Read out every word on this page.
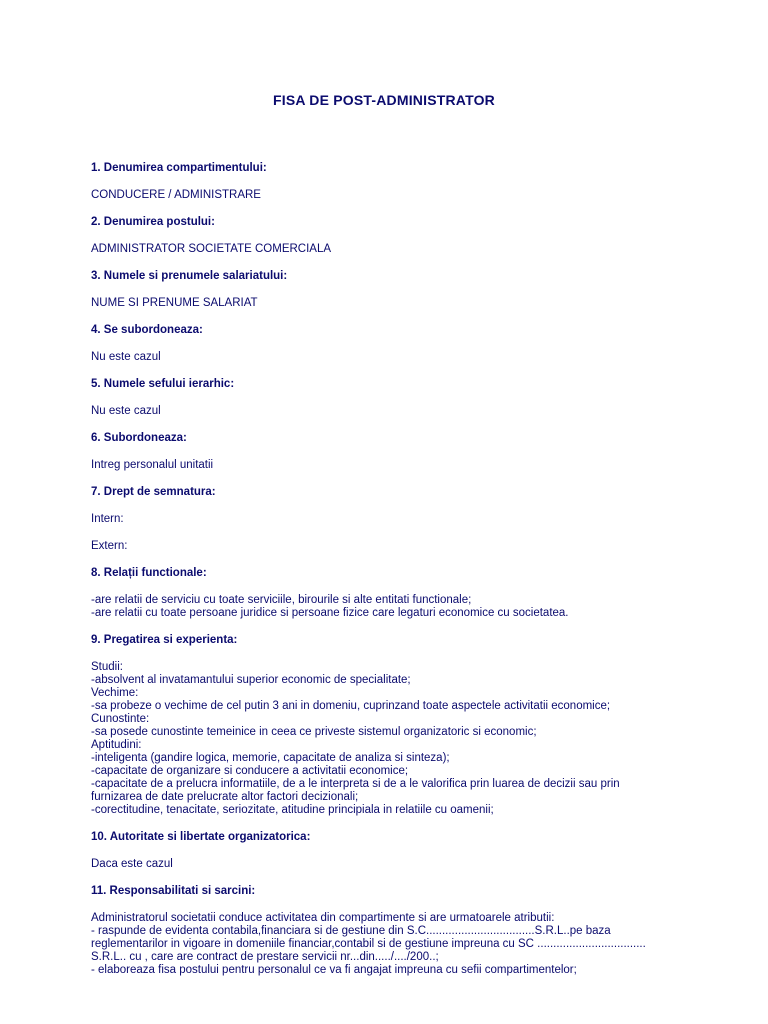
FISA DE POST-ADMINISTRATOR
1. Denumirea compartimentului:
CONDUCERE / ADMINISTRARE
2. Denumirea postului:
ADMINISTRATOR SOCIETATE COMERCIALA
3. Numele si prenumele salariatului:
NUME SI PRENUME SALARIAT
4. Se subordoneaza:
Nu este cazul
5. Numele sefului ierarhic:
Nu este cazul
6. Subordoneaza:
Intreg personalul unitatii
7. Drept de semnatura:
Intern:
Extern:
8. Relații functionale:
-are relatii de serviciu cu toate serviciile, birourile si alte entitati functionale;
-are relatii cu toate persoane juridice si persoane fizice care legaturi economice cu societatea.
9. Pregatirea si experienta:
Studii:
-absolvent al invatamantului superior economic de specialitate;
Vechime:
-sa probeze o vechime de cel putin 3 ani in domeniu, cuprinzand toate aspectele activitatii economice;
Cunostinte:
-sa posede cunostinte temeinice in ceea ce priveste sistemul organizatoric si economic;
Aptitudini:
-inteligenta (gandire logica, memorie, capacitate de analiza si sinteza);
-capacitate de organizare si conducere a activitatii economice;
-capacitate de a prelucra informatiile, de a le interpreta si de a le valorifica prin luarea de decizii sau prin
furnizarea de date prelucrate altor factori decizionali;
-corectitudine, tenacitate, seriozitate, atitudine principiala in relatiile cu oamenii;
10. Autoritate si libertate organizatorica:
Daca este cazul
11. Responsabilitati si sarcini:
Administratorul societatii conduce activitatea din compartimente si are urmatoarele atributii:
- raspunde de evidenta contabila,financiara si de gestiune din S.C..................................S.R.L..pe baza
reglementarilor in vigoare in domeniile financiar,contabil si de gestiune impreuna cu SC ..................................
S.R.L.. cu , care are contract de prestare servicii nr...din...../..../200..;
- elaboreaza fisa postului pentru personalul ce va fi angajat impreuna cu sefii compartimentelor;
